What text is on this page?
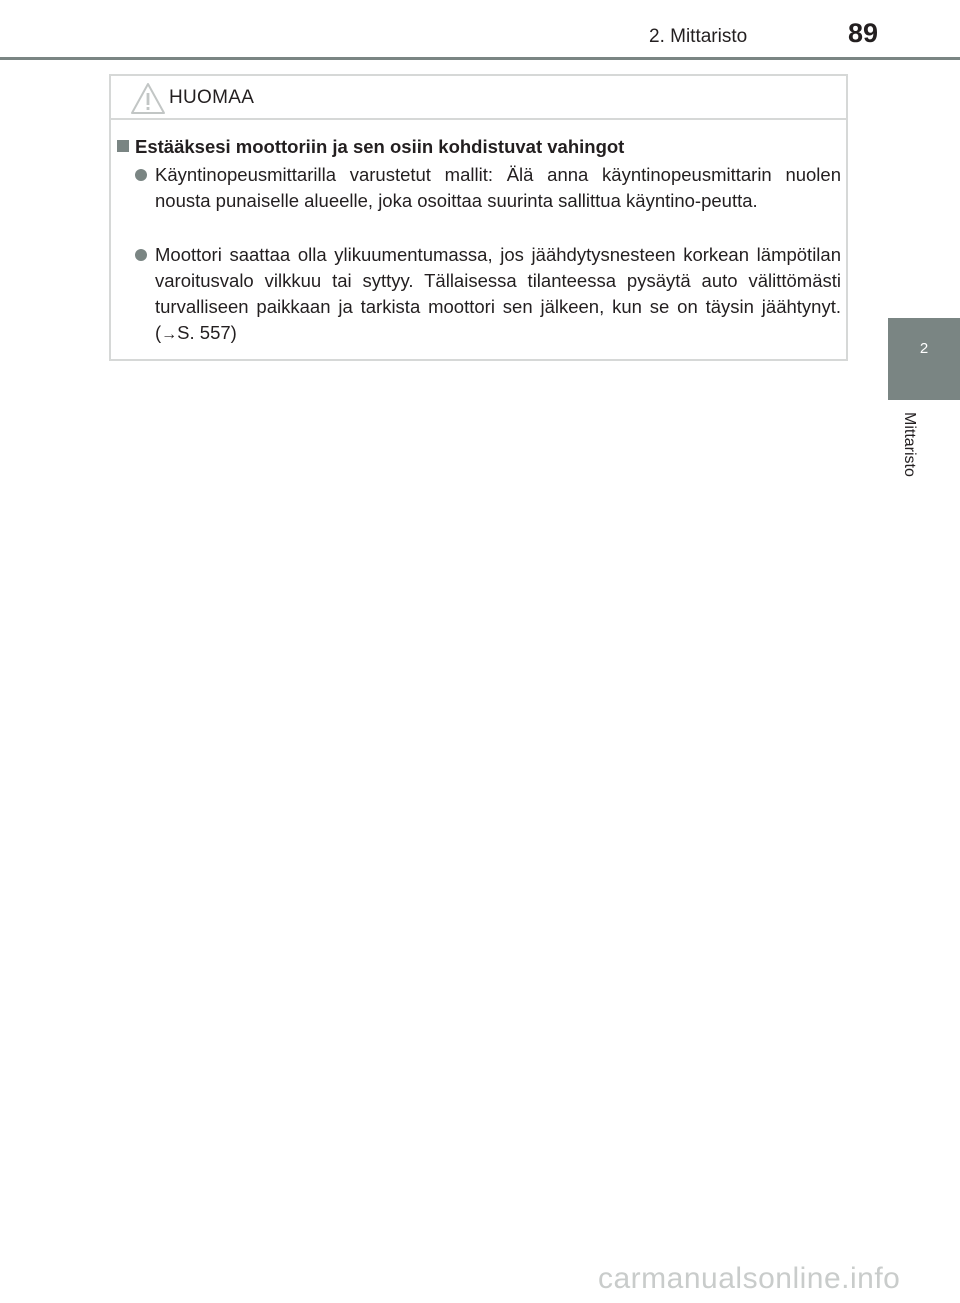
2. Mittaristo	89
2
Mittaristo
HUOMAA
Estääksesi moottoriin ja sen osiin kohdistuvat vahingot
Käyntinopeusmittarilla varustetut mallit: Älä anna käyntinopeusmittarin nuolen nousta punaiselle alueelle, joka osoittaa suurinta sallittua käyntino-peutta.
Moottori saattaa olla ylikuumentumassa, jos jäähdytysnesteen korkean lämpötilan varoitusvalo vilkkuu tai syttyy. Tällaisessa tilanteessa pysäytä auto välittömästi turvalliseen paikkaan ja tarkista moottori sen jälkeen, kun se on täysin jäähtynyt. (→S. 557)
carmanualsonline.info
